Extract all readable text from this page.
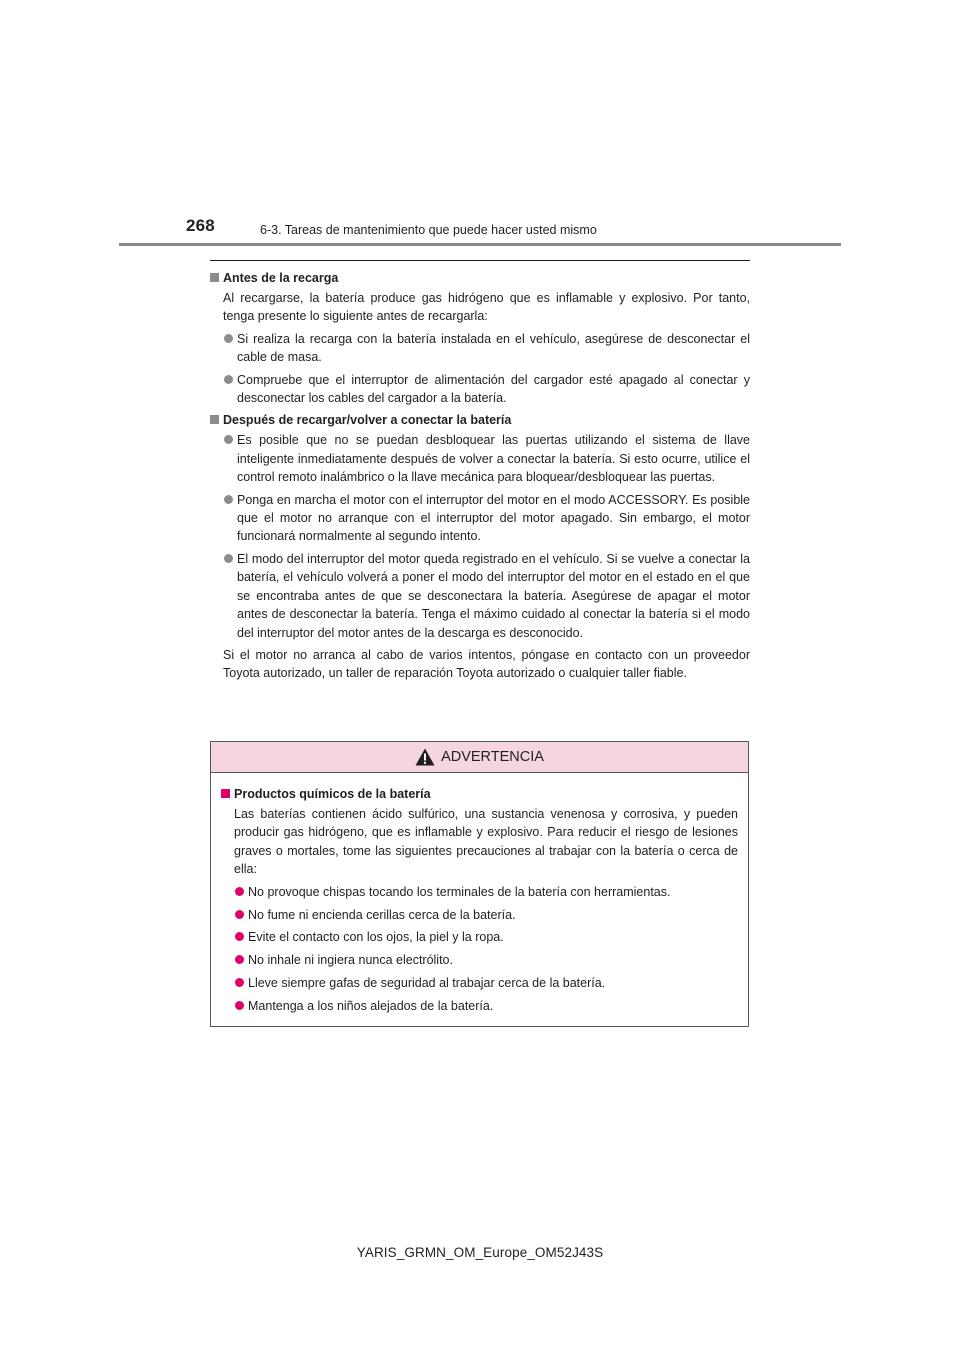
268	6-3. Tareas de mantenimiento que puede hacer usted mismo
Antes de la recarga

Al recargarse, la batería produce gas hidrógeno que es inflamable y explosivo. Por tanto, tenga presente lo siguiente antes de recargarla:

Si realiza la recarga con la batería instalada en el vehículo, asegúrese de desconectar el cable de masa.
Compruebe que el interruptor de alimentación del cargador esté apagado al conectar y desconectar los cables del cargador a la batería.
Después de recargar/volver a conectar la batería
Es posible que no se puedan desbloquear las puertas utilizando el sistema de llave inteligente inmediatamente después de volver a conectar la batería. Si esto ocurre, utilice el control remoto inalámbrico o la llave mecánica para bloquear/desbloquear las puertas.
Ponga en marcha el motor con el interruptor del motor en el modo ACCESSORY. Es posible que el motor no arranque con el interruptor del motor apagado. Sin embargo, el motor funcionará normalmente al segundo intento.
El modo del interruptor del motor queda registrado en el vehículo. Si se vuelve a conectar la batería, el vehículo volverá a poner el modo del interruptor del motor en el estado en el que se encontraba antes de que se desconectara la batería. Asegúrese de apagar el motor antes de desconectar la batería. Tenga el máximo cuidado al conectar la batería si el modo del interruptor del motor antes de la descarga es desconocido.

Si el motor no arranca al cabo de varios intentos, póngase en contacto con un proveedor Toyota autorizado, un taller de reparación Toyota autorizado o cualquier taller fiable.

ADVERTENCIA
Productos químicos de la batería

Las baterías contienen ácido sulfúrico, una sustancia venenosa y corrosiva, y pueden producir gas hidrógeno, que es inflamable y explosivo. Para reducir el riesgo de lesiones graves o mortales, tome las siguientes precauciones al trabajar con la batería o cerca de ella:

No provoque chispas tocando los terminales de la batería con herramientas.
No fume ni encienda cerillas cerca de la batería.
Evite el contacto con los ojos, la piel y la ropa.
No inhale ni ingiera nunca electrólito.
Lleve siempre gafas de seguridad al trabajar cerca de la batería.
Mantenga a los niños alejados de la batería.
YARIS_GRMN_OM_Europe_OM52J43S
